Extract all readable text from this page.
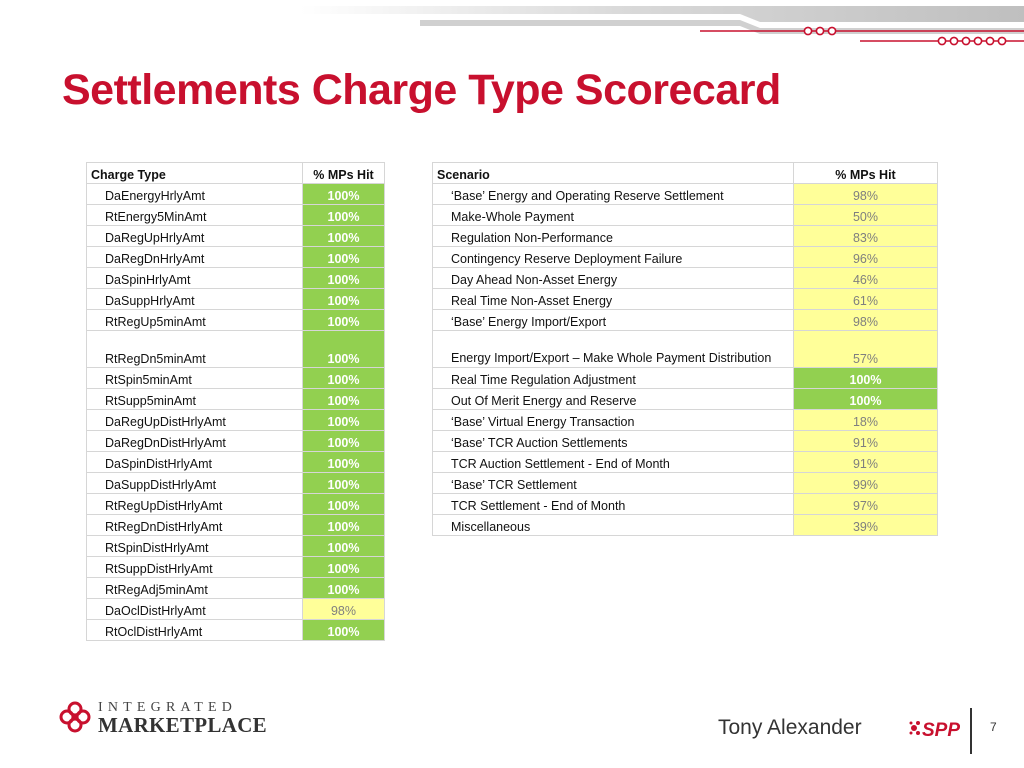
Settlements Charge Type Scorecard
Charge Type	% MPs Hit
DaEnergyHrlyAmt	100%
RtEnergy5MinAmt	100%
DaRegUpHrlyAmt	100%
DaRegDnHrlyAmt	100%
DaSpinHrlyAmt	100%
DaSuppHrlyAmt	100%
RtRegUp5minAmt	100%
RtRegDn5minAmt	100%
RtSpin5minAmt	100%
RtSupp5minAmt	100%
DaRegUpDistHrlyAmt	100%
DaRegDnDistHrlyAmt	100%
DaSpinDistHrlyAmt	100%
DaSuppDistHrlyAmt	100%
RtRegUpDistHrlyAmt	100%
RtRegDnDistHrlyAmt	100%
RtSpinDistHrlyAmt	100%
RtSuppDistHrlyAmt	100%
RtRegAdj5minAmt	100%
DaOclDistHrlyAmt	98%
RtOclDistHrlyAmt	100%
Scenario	% MPs Hit
‘Base’ Energy and Operating Reserve Settlement	98%
Make-Whole Payment	50%
Regulation Non-Performance	83%
Contingency Reserve Deployment Failure	96%
Day Ahead Non-Asset Energy	46%
Real Time Non-Asset Energy	61%
‘Base’ Energy Import/Export	98%
Energy Import/Export – Make Whole Payment Distribution	57%
Real Time Regulation Adjustment	100%
Out Of Merit Energy and Reserve	100%
‘Base’ Virtual Energy Transaction	18%
‘Base’ TCR Auction Settlements	91%
TCR Auction Settlement - End of Month	91%
‘Base’ TCR Settlement	99%
TCR Settlement - End of Month	97%
Miscellaneous	39%
INTEGRATED
MARKETPLACE	Tony Alexander	SPP 7
